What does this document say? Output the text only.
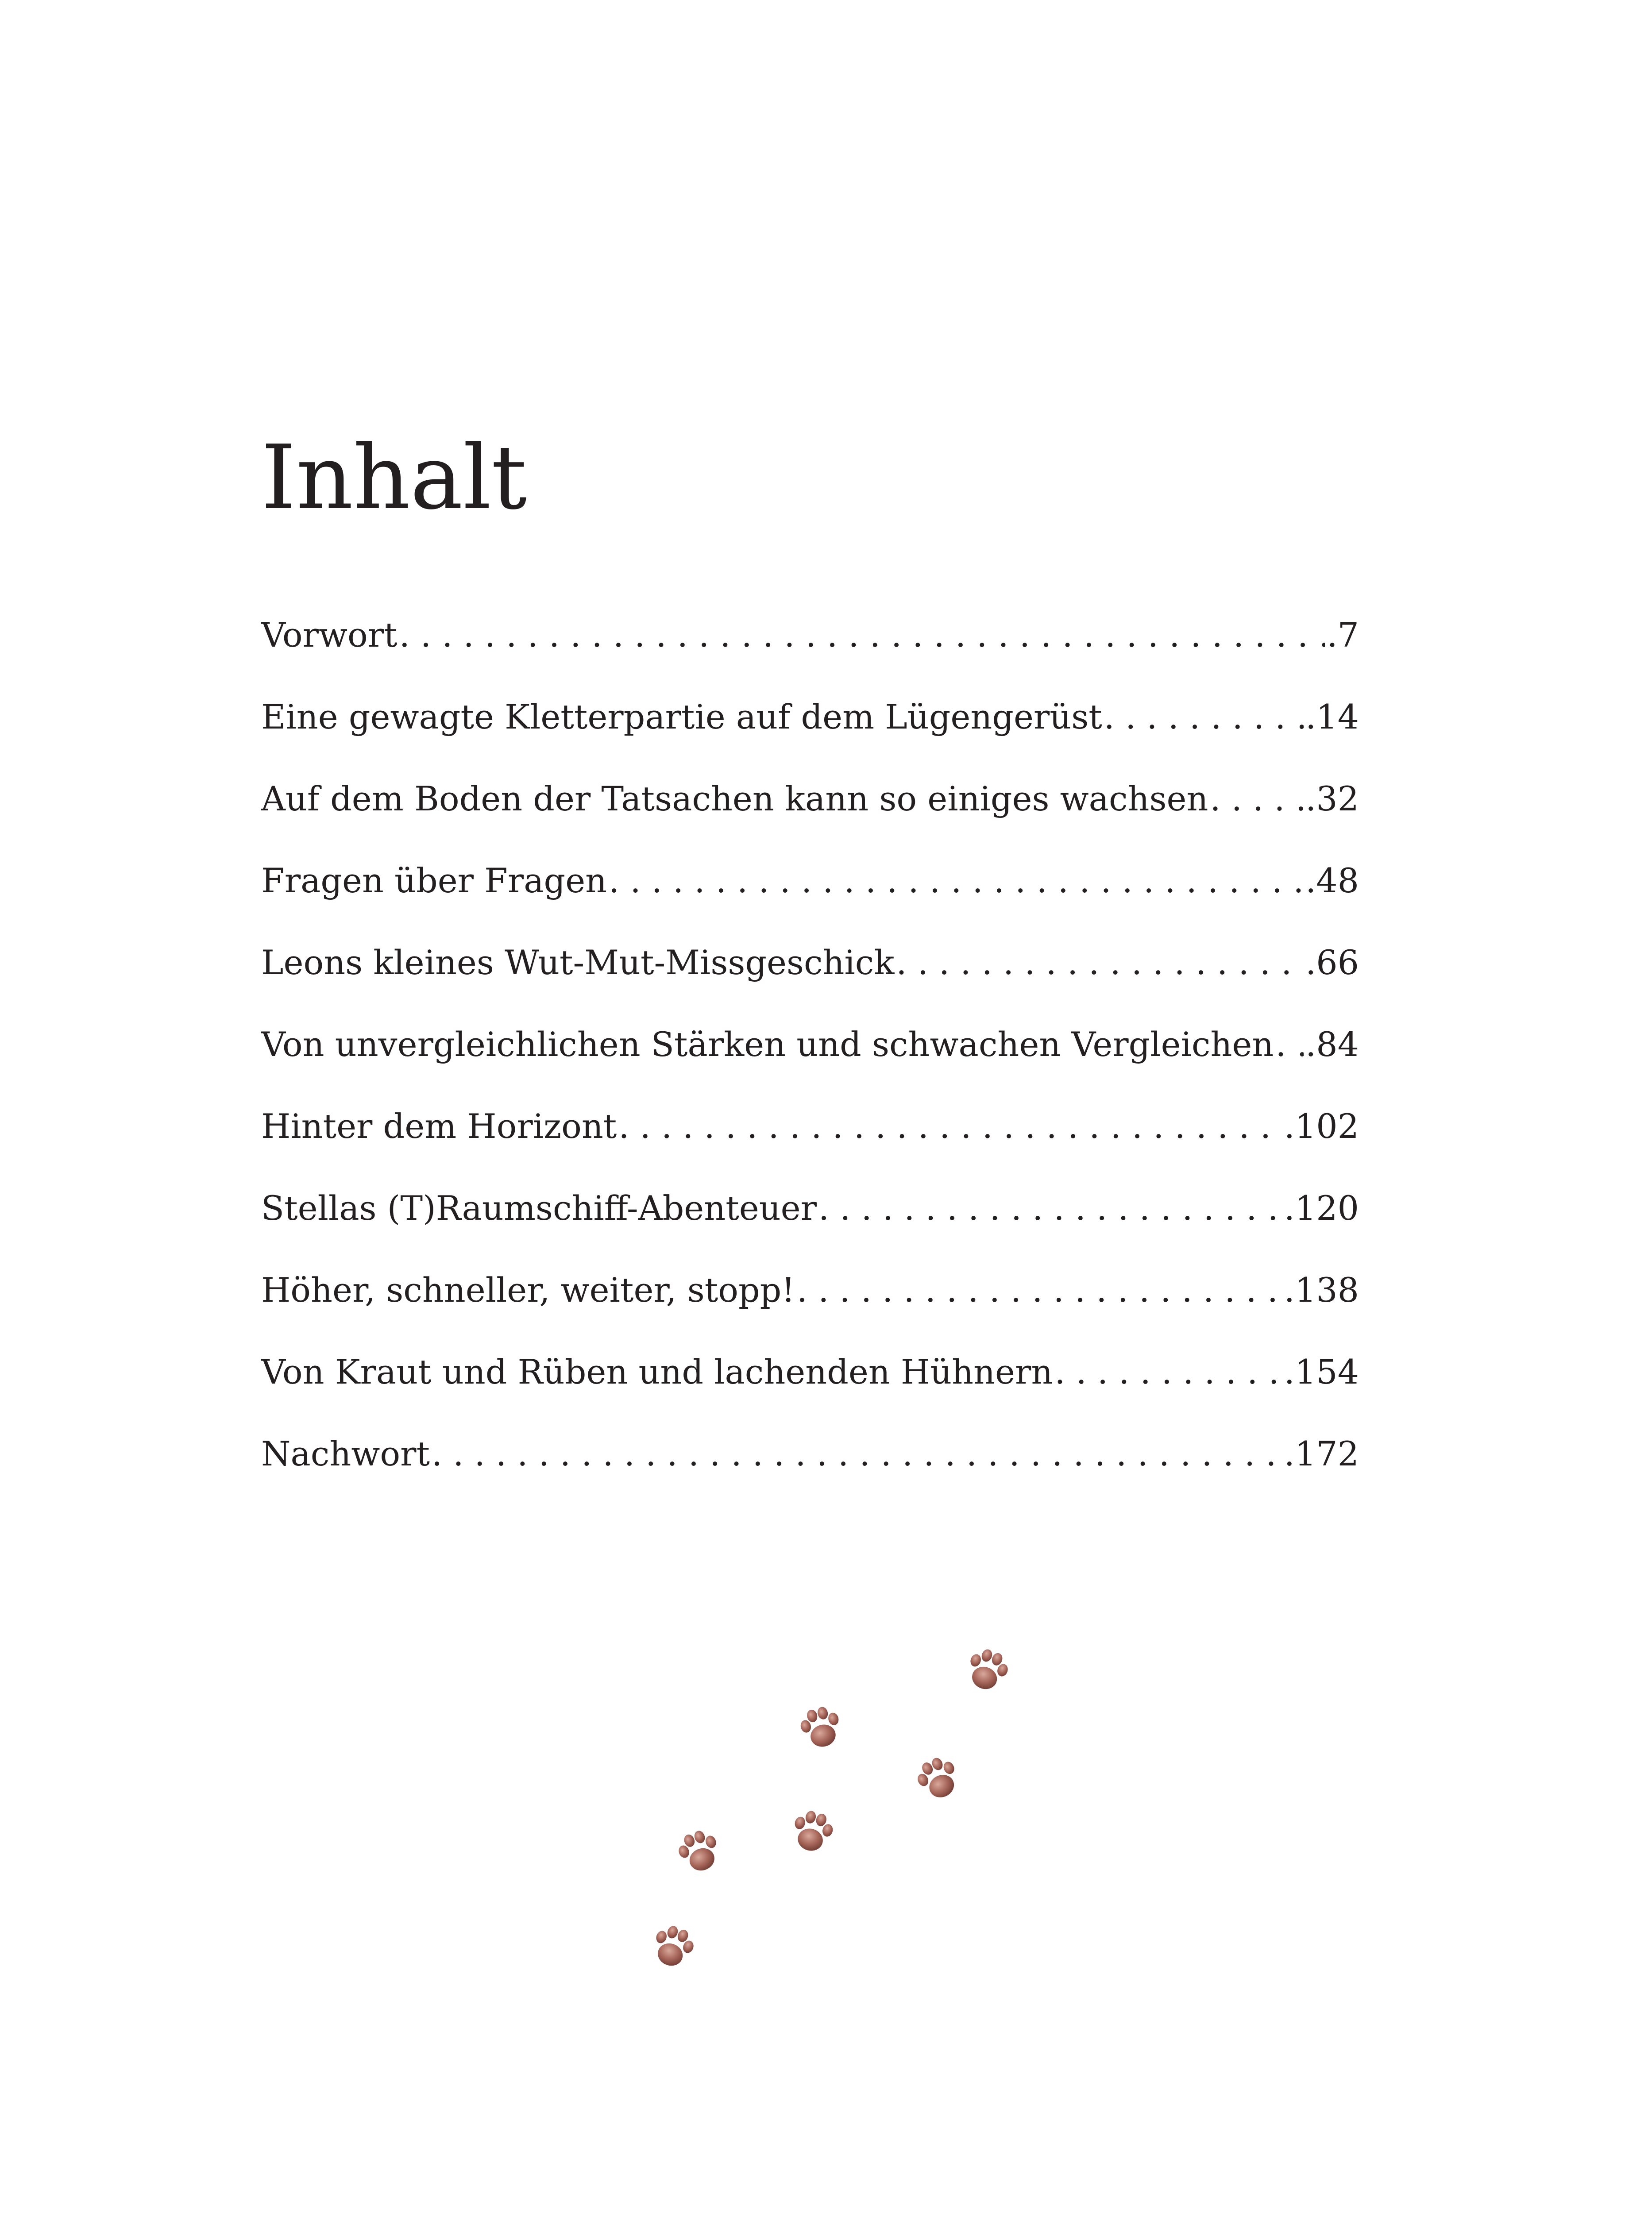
Inhalt
Vorwort . . .	.7
Eine gewagte Kletterpartie auf dem Lügengerüst . . .	.14
Auf dem Boden der Tatsachen kann so einiges wachsen . . .	.32
Fragen über Fragen . . .	.48
Leons kleines Wut-Mut-Missgeschick . . .	.66
Von unvergleichlichen Stärken und schwachen Vergleichen . . . .84
Hinter dem Horizont . . .	.102
Stellas (T)Raumschiff-Abenteuer . . .	.120
Höher, schneller, weiter, stopp! . . .	.138
Von Kraut und Rüben und lachenden Hühnern . . .	.154
Nachwort . . .	.172
